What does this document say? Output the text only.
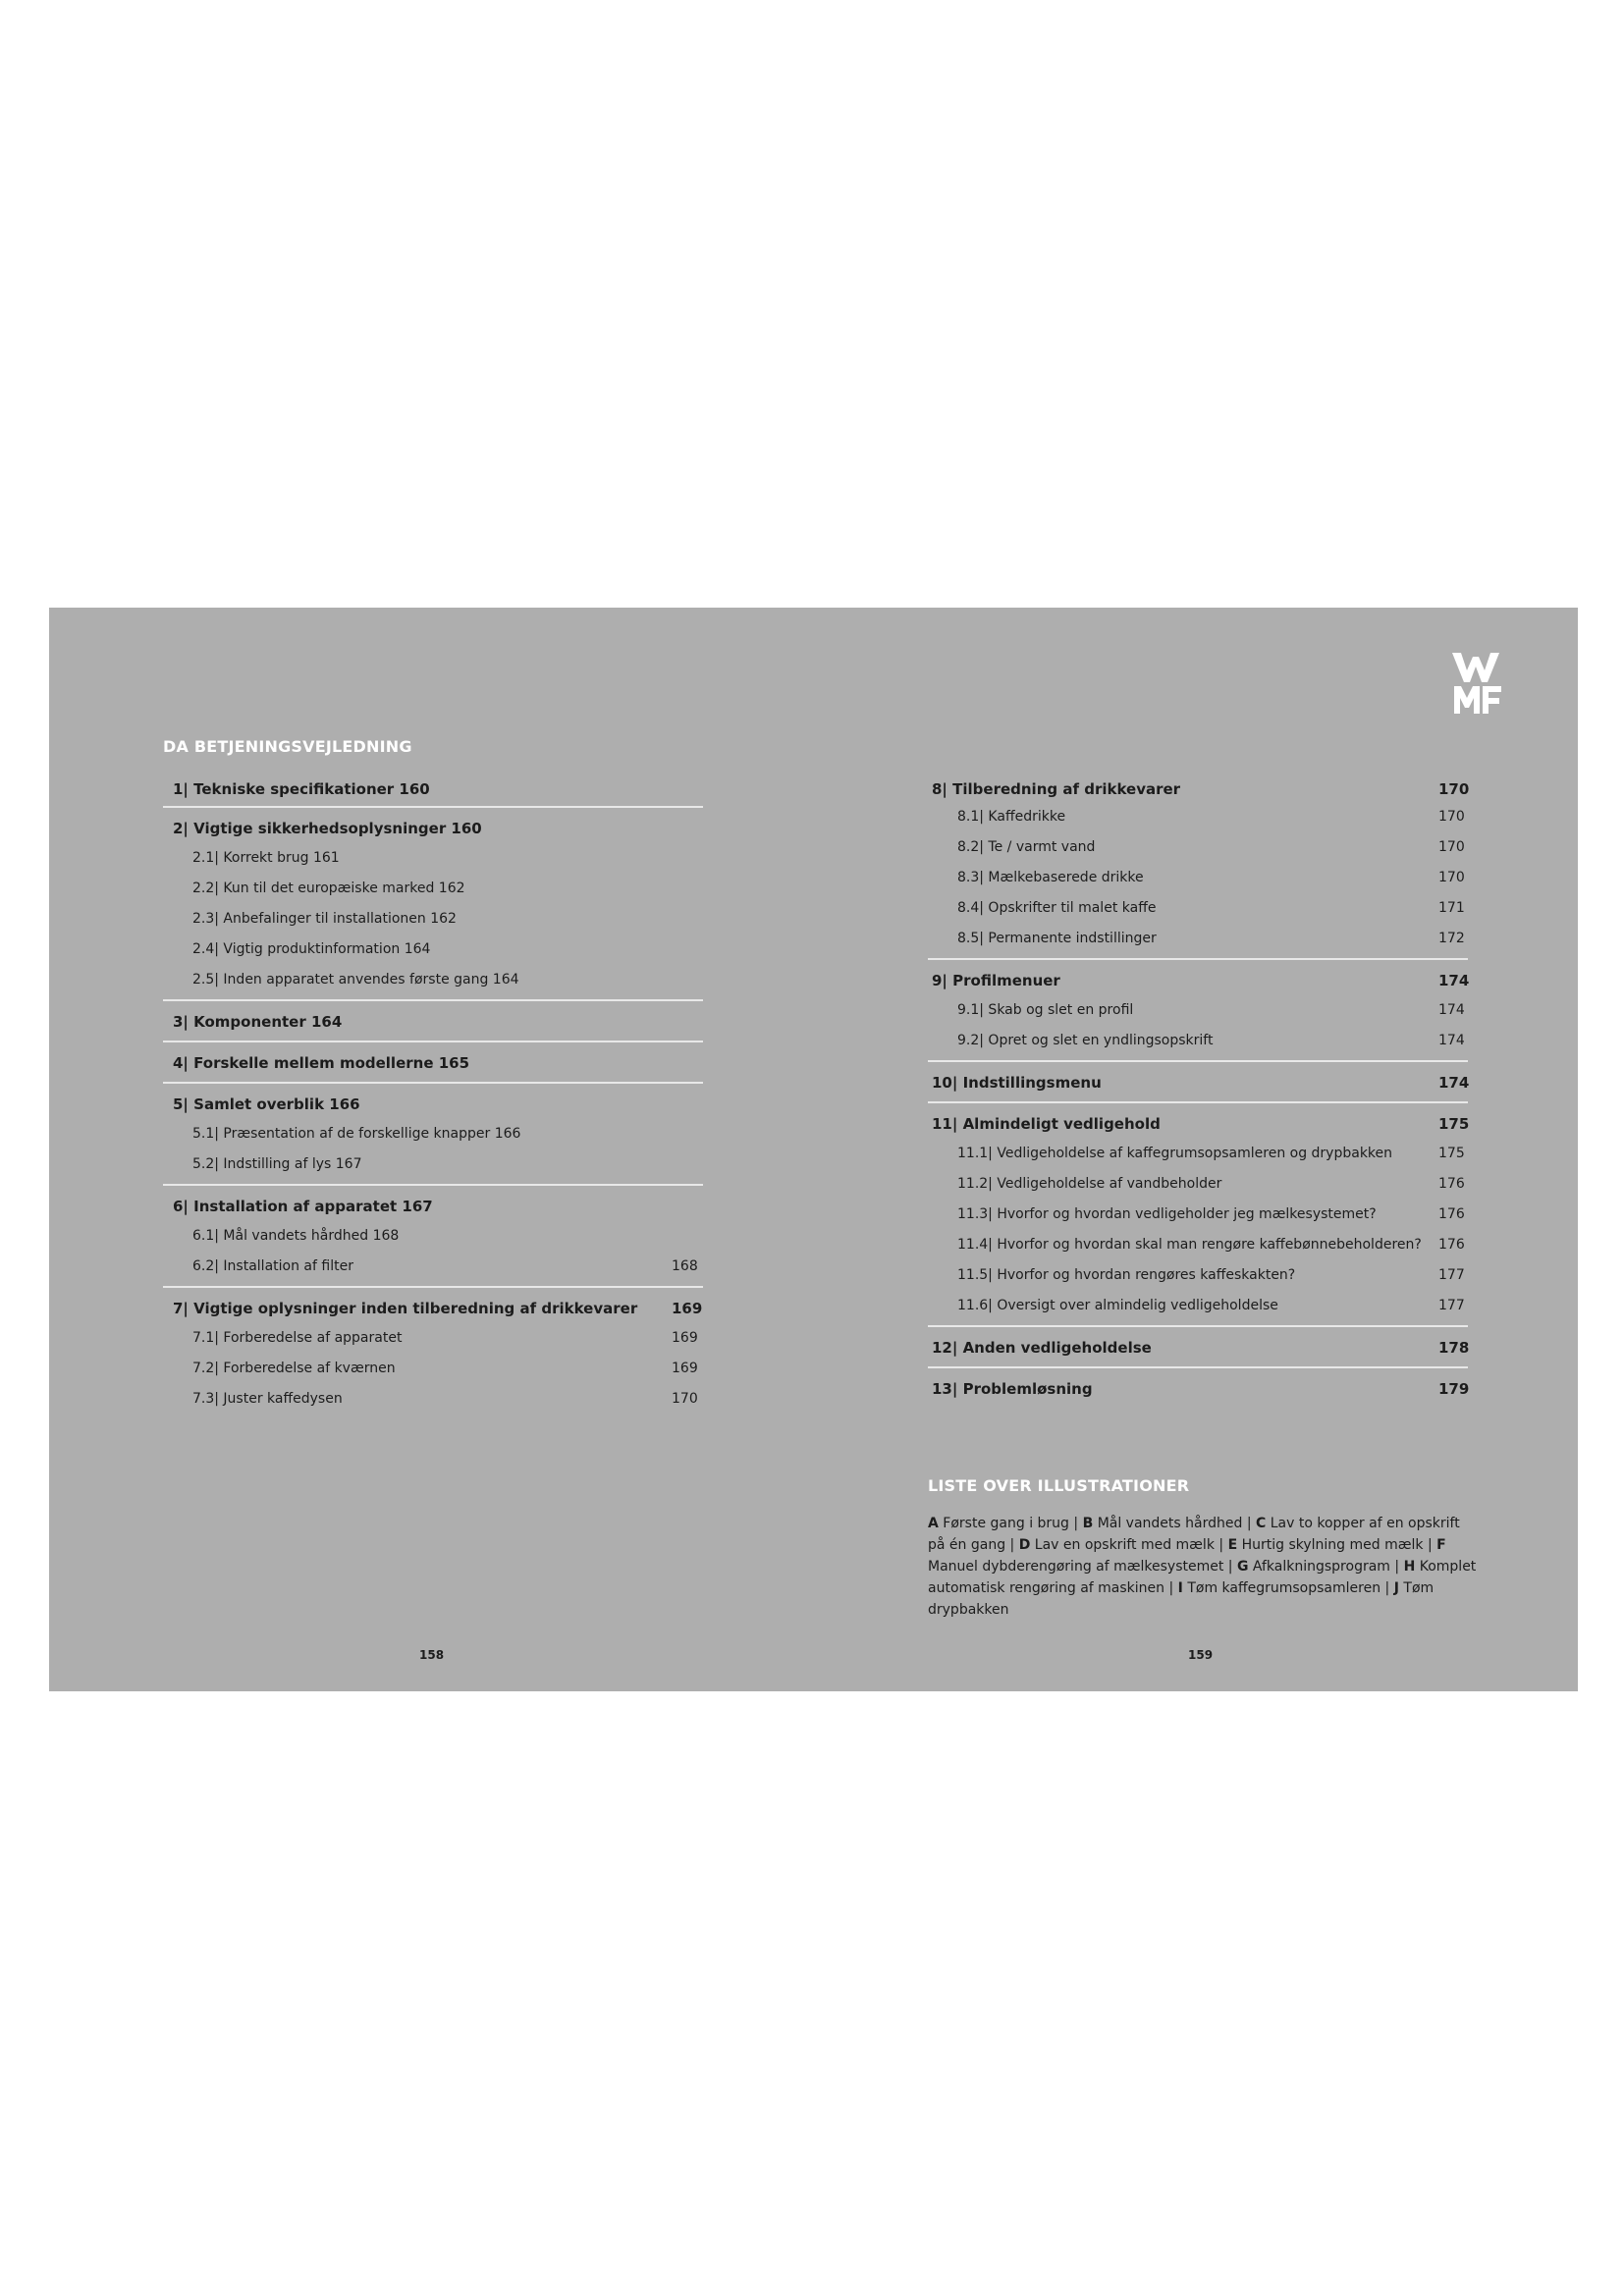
DA BETJENINGSVEJLEDNING
1| Tekniske specifikationer 160
2| Vigtige sikkerhedsoplysninger 160
2.1| Korrekt brug 161
2.2| Kun til det europæiske marked 162
2.3| Anbefalinger til installationen 162
2.4| Vigtig produktinformation 164
2.5| Inden apparatet anvendes første gang 164
3| Komponenter 164
4| Forskelle mellem modellerne 165
5| Samlet overblik 166
5.1| Præsentation af de forskellige knapper 166
5.2| Indstilling af lys 167
6| Installation af apparatet 167
6.1| Mål vandets hårdhed 168
6.2| Installation af filter	168
7| Vigtige oplysninger inden tilberedning af drikkevarer 169
7.1| Forberedelse af apparatet	169
7.2| Forberedelse af kværnen	169
7.3| Juster kaffedysen	170
8| Tilberedning af drikkevarer	170
8.1| Kaffedrikke	170
8.2| Te / varmt vand	170
8.3| Mælkebaserede drikke	170
8.4| Opskrifter til malet kaffe	171
8.5| Permanente indstillinger	172
9| Profilmenuer	174
9.1| Skab og slet en profil	174
9.2| Opret og slet en yndlingsopskrift	174
10| Indstillingsmenu	174
11| Almindeligt vedligehold	175
11.1| Vedligeholdelse af kaffegrumsopsamleren og drypbakken	175
11.2| Vedligeholdelse af vandbeholder	176
11.3| Hvorfor og hvordan vedligeholder jeg mælkesystemet?	176
11.4| Hvorfor og hvordan skal man rengøre kaffebønnebeholderen? 176
11.5| Hvorfor og hvordan rengøres kaffeskakten?	177
11.6| Oversigt over almindelig vedligeholdelse	177
12| Anden vedligeholdelse	178
13| Problemløsning	179
LISTE OVER ILLUSTRATIONER
A Første gang i brug | B Mål vandets hårdhed | C Lav to kopper af en opskrift på én gang | D Lav en opskrift med mælk | E Hurtig skylning med mælk | F Manuel dybderengøring af mælkesystemet | G Afkalkningsprogram | H Komplet automatisk rengøring af maskinen | I Tøm kaffegrumsopsamleren | J Tøm drypbakken
158	159
